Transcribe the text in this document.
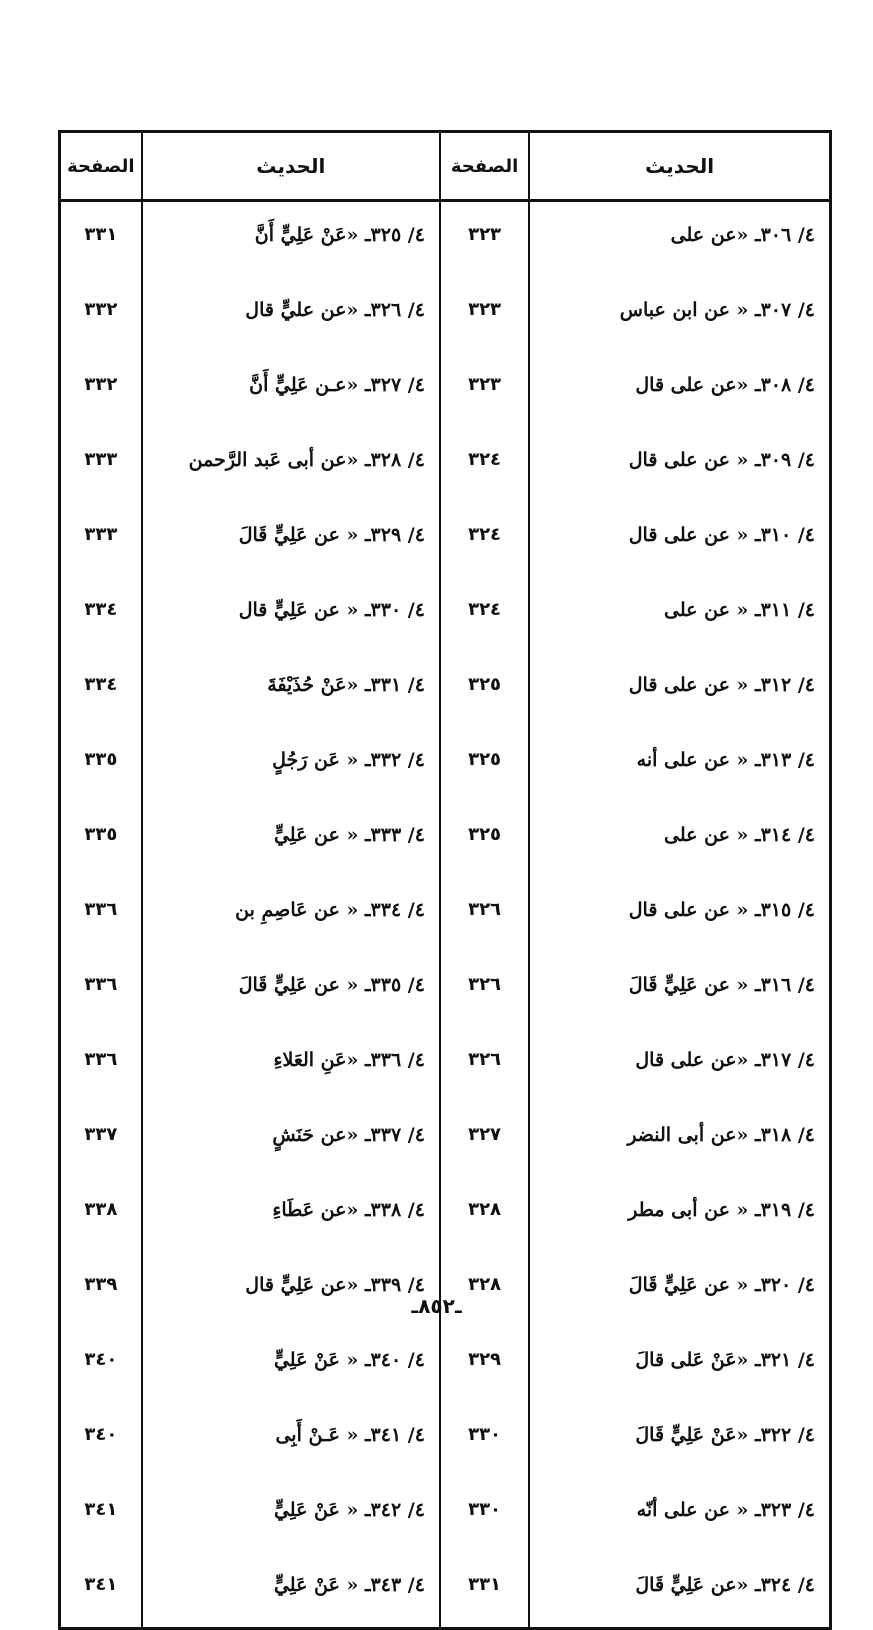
الحديث	الصفحة	الحديث	الصفحة
٤/ ٣٠٦ـ «عن على	٣٢٣	٤/ ٣٢٥ـ «عَنْ عَلِيٍّ أَنَّ	٣٣١
٤/ ٣٠٧ـ « عن ابن عباس	٣٢٣	٤/ ٣٢٦ـ «عن عليٍّ قال	٣٣٢
٤/ ٣٠٨ـ «عن على قال	٣٢٣	٤/ ٣٢٧ـ «عـن عَلِيٍّ أَنَّ	٣٣٢
٤/ ٣٠٩ـ « عن على قال	٣٢٤	٤/ ٣٢٨ـ «عن أبى عَبد الرَّحمن	٣٣٣
٤/ ٣١٠ـ « عن على قال	٣٢٤	٤/ ٣٢٩ـ « عن عَلِيٍّ قَالَ	٣٣٣
٤/ ٣١١ـ « عن على	٣٢٤	٤/ ٣٣٠ـ « عن عَلِيٍّ قال	٣٣٤
٤/ ٣١٢ـ « عن على قال	٣٢٥	٤/ ٣٣١ـ «عَنْ حُذَيْفَةَ	٣٣٤
٤/ ٣١٣ـ « عن على أنه	٣٢٥	٤/ ٣٣٢ـ « عَن رَجُلٍ	٣٣٥
٤/ ٣١٤ـ « عن على	٣٢٥	٤/ ٣٣٣ـ « عن عَلِيٍّ	٣٣٥
٤/ ٣١٥ـ « عن على قال	٣٢٦	٤/ ٣٣٤ـ « عن عَاصِمِ بن	٣٣٦
٤/ ٣١٦ـ « عن عَلِيٍّ قَالَ	٣٢٦	٤/ ٣٣٥ـ « عن عَلِيٍّ قَالَ	٣٣٦
٤/ ٣١٧ـ «عن على قال	٣٢٦	٤/ ٣٣٦ـ «عَنِ العَلاءِ	٣٣٦
٤/ ٣١٨ـ «عن أبى النضر	٣٢٧	٤/ ٣٣٧ـ «عن حَنَشٍ	٣٣٧
٤/ ٣١٩ـ « عن أبى مطر	٣٢٨	٤/ ٣٣٨ـ «عن عَطَاءِ	٣٣٨
٤/ ٣٢٠ـ « عن عَلِيٍّ قَالَ	٣٢٨	٤/ ٣٣٩ـ «عن عَلِيٍّ قال	٣٣٩
٤/ ٣٢١ـ «عَنْ عَلى قالَ	٣٢٩	٤/ ٣٤٠ـ « عَنْ عَلِيٍّ	٣٤٠
٤/ ٣٢٢ـ «عَنْ عَلِيٍّ قَالَ	٣٣٠	٤/ ٣٤١ـ « عَـنْ أَبِى	٣٤٠
٤/ ٣٢٣ـ « عن على أنّه	٣٣٠	٤/ ٣٤٢ـ « عَنْ عَلِيٍّ	٣٤١
٤/ ٣٢٤ـ «عن عَلِيٍّ قَالَ	٣٣١	٤/ ٣٤٣ـ « عَنْ عَلِيٍّ	٣٤١

ـ٨٥٢ـ
